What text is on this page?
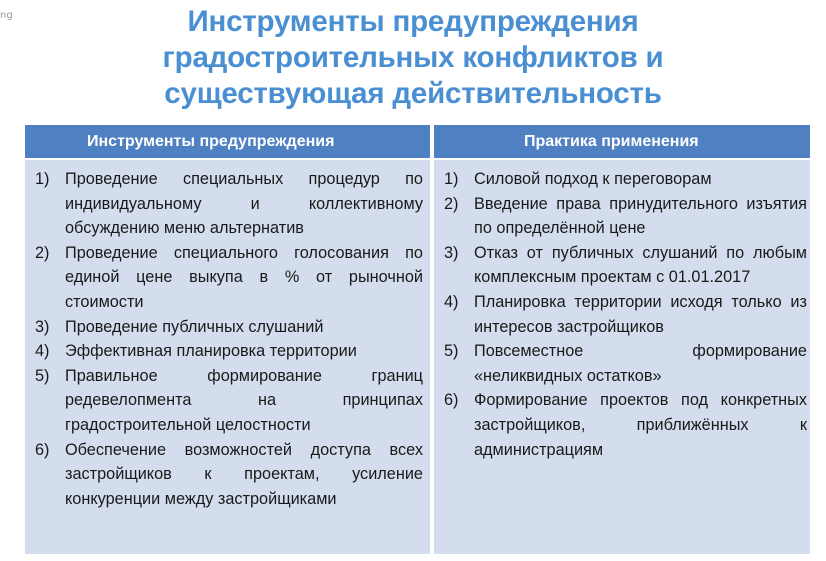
ng	Инструменты предупреждения
градостроительных конфликтов и
существующая действительность
Инструменты предупреждения
1) Проведение специальных процедур по индивидуальному и коллективному обсуждению меню альтернатив
2) Проведение специального голосования по единой цене выкупа в % от рыночной стоимости
3) Проведение публичных слушаний
4) Эффективная планировка территории
5) Правильное формирование границ редевелопмента на принципах градостроительной целостности
6) Обеспечение возможностей доступа всех застройщиков к проектам, усиление конкуренции между застройщиками
Практика применения
1) Силовой подход к переговорам
2) Введение права принудительного изъятия по определённой цене
3) Отказ от публичных слушаний по любым комплексным проектам с 01.01.2017
4) Планировка территории исходя только из интересов застройщиков
5) Повсеместное формирование «неликвидных остатков»
6) Формирование проектов под конкретных застройщиков, приближённых к администрациям
